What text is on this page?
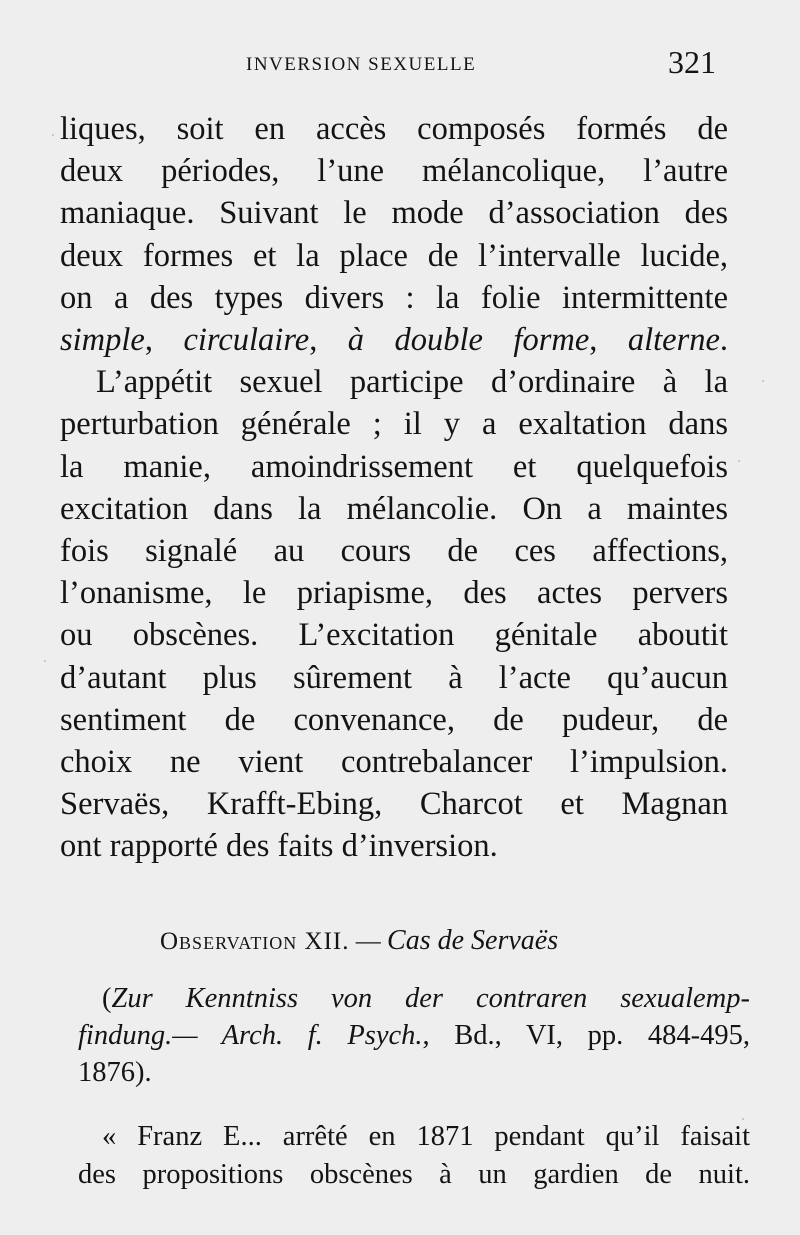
INVERSION SEXUELLE	321

liques, soit en accès composés formés de
deux périodes, l’une mélancolique, l’autre
maniaque. Suivant le mode d’association des
deux formes et la place de l’intervalle lucide,
on a des types divers : la folie intermittente
simple, circulaire, à double forme, alterne.

L’appétit sexuel participe d’ordinaire à la
perturbation générale ; il y a exaltation dans
la manie, amoindrissement et quelquefois
excitation dans la mélancolie. On a maintes
fois signalé au cours de ces affections,
l’onanisme, le priapisme, des actes pervers
ou obscènes. L’excitation génitale aboutit
d’autant plus sûrement à l’acte qu’aucun
sentiment de convenance, de pudeur, de
choix ne vient contrebalancer l’impulsion.
Servaës, Krafft-Ebing, Charcot et Magnan
ont rapporté des faits d’inversion.

Observation XII. — Cas de Servaës
(Zur Kenntniss von der contraren sexualemp-
findung.— Arch. f. Psych., Bd., VI, pp. 484-495,
1876).
« Franz E... arrêté en 1871 pendant qu’il faisait
des propositions obscènes à un gardien de nuit.
